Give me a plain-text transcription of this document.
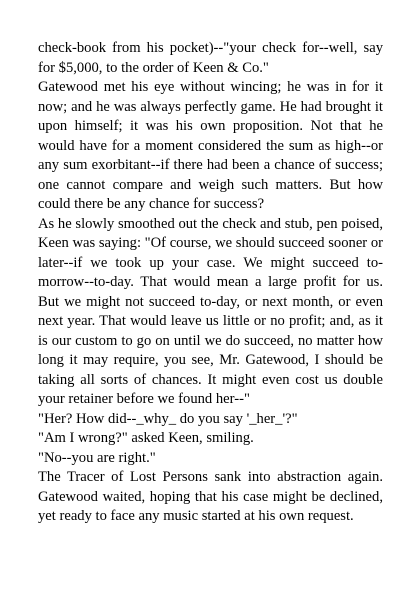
check-book from his pocket)--"your check for--well, say for $5,000, to the order of Keen & Co."

Gatewood met his eye without wincing; he was in for it now; and he was always perfectly game. He had brought it upon himself; it was his own proposition. Not that he would have for a moment considered the sum as high--or any sum exorbitant--if there had been a chance of success; one cannot compare and weigh such matters. But how could there be any chance for success?

As he slowly smoothed out the check and stub, pen poised, Keen was saying: "Of course, we should succeed sooner or later--if we took up your case. We might succeed to-morrow--to-day. That would mean a large profit for us. But we might not succeed to-day, or next month, or even next year. That would leave us little or no profit; and, as it is our custom to go on until we do succeed, no matter how long it may require, you see, Mr. Gatewood, I should be taking all sorts of chances. It might even cost us double your retainer before we found her--"

"Her? How did--_why_ do you say '_her_'?"

"Am I wrong?" asked Keen, smiling.

"No--you are right."

The Tracer of Lost Persons sank into abstraction again. Gatewood waited, hoping that his case might be declined, yet ready to face any music started at his own request.
